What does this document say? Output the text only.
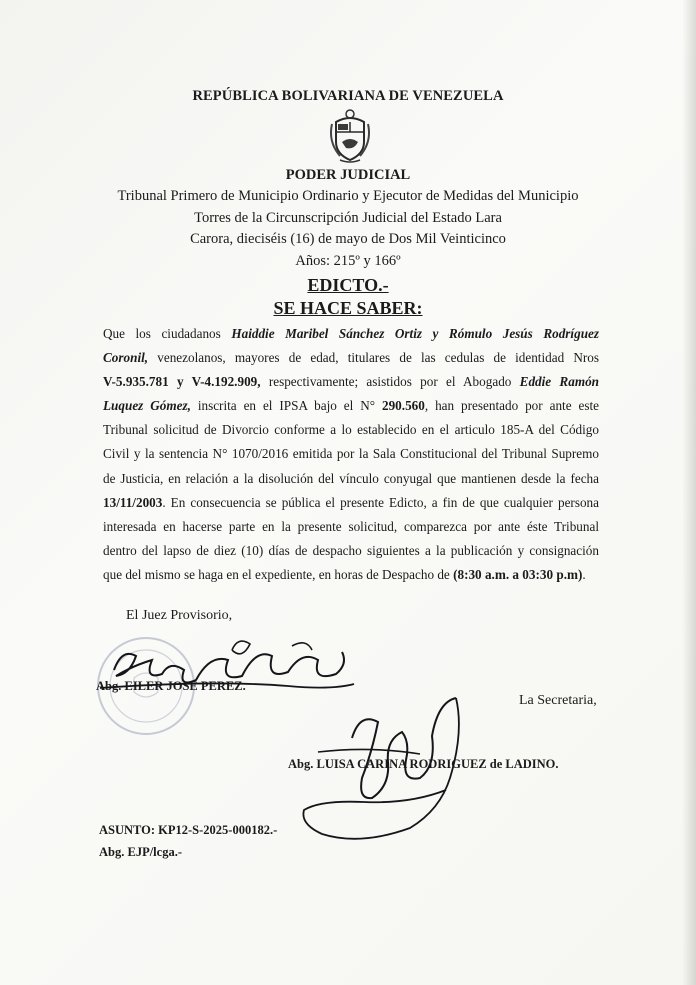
REPÚBLICA BOLIVARIANA DE VENEZUELA
PODER JUDICIAL
Tribunal Primero de Municipio Ordinario y Ejecutor de Medidas del Municipio
Torres de la Circunscripción Judicial del Estado Lara
Carora, dieciséis (16) de mayo de Dos Mil Veinticinco
Años: 215º y 166º
EDICTO.-
SE HACE SABER:
Que los ciudadanos Haiddie Maribel Sánchez Ortiz y Rómulo Jesús Rodríguez
Coronil, venezolanos, mayores de edad, titulares de las cedulas de identidad Nros
V-5.935.781 y V-4.192.909, respectivamente; asistidos por el Abogado Eddie Ramón
Luquez Gómez, inscrita en el IPSA bajo el N° 290.560, han presentado por ante este
Tribunal solicitud de Divorcio conforme a lo establecido en el articulo 185-A del Código
Civil y la sentencia N° 1070/2016 emitida por la Sala Constitucional del Tribunal Supremo
de Justicia, en relación a la disolución del vínculo conyugal que mantienen desde la fecha
13/11/2003. En consecuencia se pública el presente Edicto, a fin de que cualquier persona
interesada en hacerse parte en la presente solicitud, comparezca por ante éste Tribunal
dentro del lapso de diez (10) días de despacho siguientes a la publicación y consignación
que del mismo se haga en el expediente, en horas de Despacho de (8:30 a.m. a 03:30 p.m).
El Juez Provisorio,
Abg. EILER JOSE PEREZ.
La Secretaria,
Abg. LUISA CARINA RODRIGUEZ de LADINO.
ASUNTO: KP12-S-2025-000182.-
Abg. EJP/lcga.-
